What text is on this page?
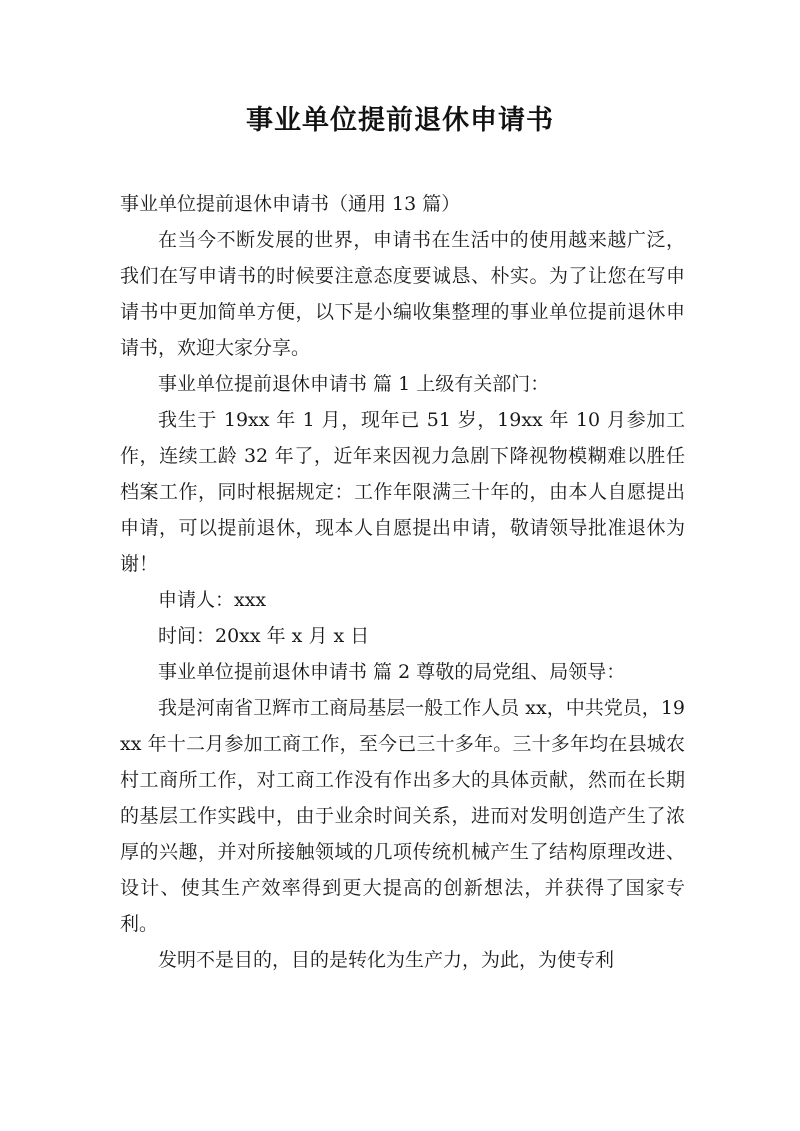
事业单位提前退休申请书

事业单位提前退休申请书（通用 13 篇）

在当今不断发展的世界，申请书在生活中的使用越来越广泛，我们在写申请书的时候要注意态度要诚恳、朴实。为了让您在写申请书中更加简单方便，以下是小编收集整理的事业单位提前退休申请书，欢迎大家分享。

事业单位提前退休申请书 篇 1 上级有关部门：

我生于 19xx 年 1 月，现年已 51 岁，19xx 年 10 月参加工作，连续工龄 32 年了，近年来因视力急剧下降视物模糊难以胜任档案工作，同时根据规定：工作年限满三十年的，由本人自愿提出申请，可以提前退休，现本人自愿提出申请，敬请领导批准退休为谢！

申请人：xxx

时间：20xx 年 x 月 x 日

事业单位提前退休申请书 篇 2 尊敬的局党组、局领导：

我是河南省卫辉市工商局基层一般工作人员 xx，中共党员，19xx 年十二月参加工商工作，至今已三十多年。三十多年均在县城农村工商所工作，对工商工作没有作出多大的具体贡献，然而在长期的基层工作实践中，由于业余时间关系，进而对发明创造产生了浓厚的兴趣，并对所接触领域的几项传统机械产生了结构原理改进、设计、使其生产效率得到更大提高的创新想法，并获得了国家专利。

发明不是目的，目的是转化为生产力，为此，为使专利
